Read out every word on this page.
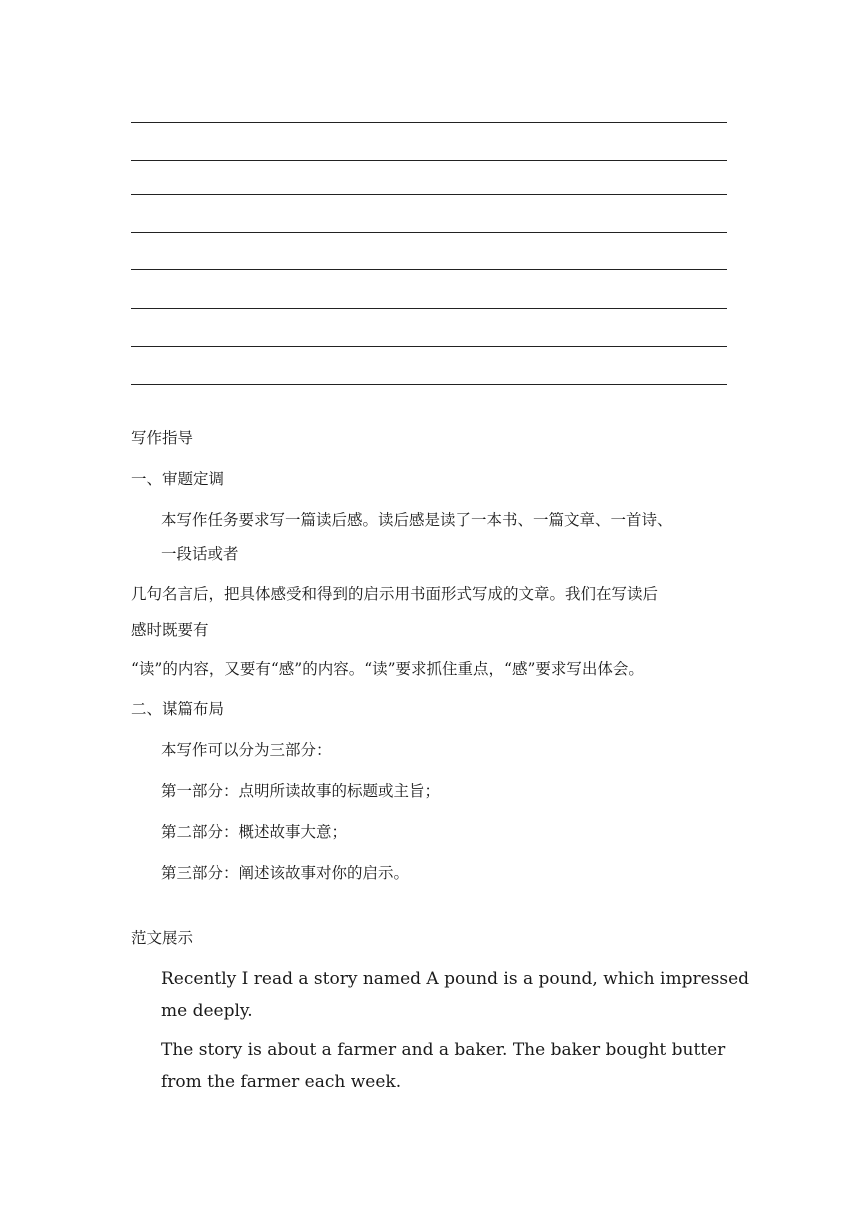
写作指导
一、审题定调
本写作任务要求写一篇读后感。读后感是读了一本书、一篇文章、一首诗、
一段话或者
几句名言后，把具体感受和得到的启示用书面形式写成的文章。我们在写读后
感时既要有
“读”的内容，又要有“感”的内容。“读”要求抓住重点，“感”要求写出体会。
二、谋篇布局
本写作可以分为三部分：
第一部分：点明所读故事的标题或主旨；
第二部分：概述故事大意；
第三部分：阐述该故事对你的启示。
范文展示
Recently I read a story named A pound is a pound, which impressed
me deeply.
The story is about a farmer and a baker. The baker bought butter
from the farmer each week.
